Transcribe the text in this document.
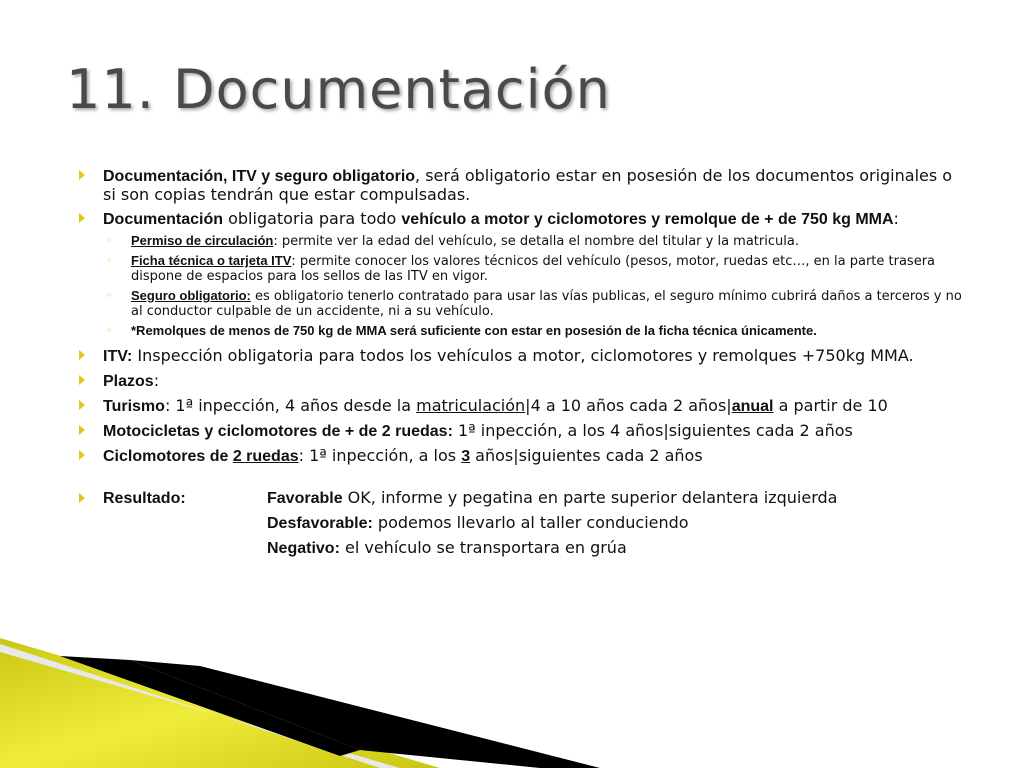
11. Documentación
Documentación, ITV y seguro obligatorio, será obligatorio estar en posesión de los documentos originales o si son copias tendrán que estar compulsadas.
Documentación obligatoria para todo vehículo a motor y ciclomotores y remolque de + de 750 kg MMA:
◦ Permiso de circulación: permite ver la edad del vehículo, se detalla el nombre del titular y la matricula.
◦ Ficha técnica o tarjeta ITV: permite conocer los valores técnicos del vehículo (pesos, motor, ruedas etc…, en la parte trasera dispone de espacios para los sellos de las ITV en vigor.
◦ Seguro obligatorio: es obligatorio tenerlo contratado para usar las vías publicas, el seguro mínimo cubrirá daños a terceros y no al conductor culpable de un accidente, ni a su vehículo.
◦ *Remolques de menos de 750 kg de MMA será suficiente con estar en posesión de la ficha técnica únicamente.
ITV: Inspección obligatoria para todos los vehículos a motor, ciclomotores y remolques +750kg MMA.
Plazos:
Turismo: 1ª inpección, 4 años desde la matriculación|4 a 10 años cada 2 años|anual a partir de 10
Motocicletas y ciclomotores de + de 2 ruedas: 1ª inpección, a los 4 años|siguientes cada 2 años
Ciclomotores de 2 ruedas: 1ª inpección, a los 3 años|siguientes cada 2 años
Resultado:	Favorable OK, informe y pegatina en parte superior delantera izquierda
Desfavorable: podemos llevarlo al taller conduciendo
Negativo: el vehículo se transportara en grúa
